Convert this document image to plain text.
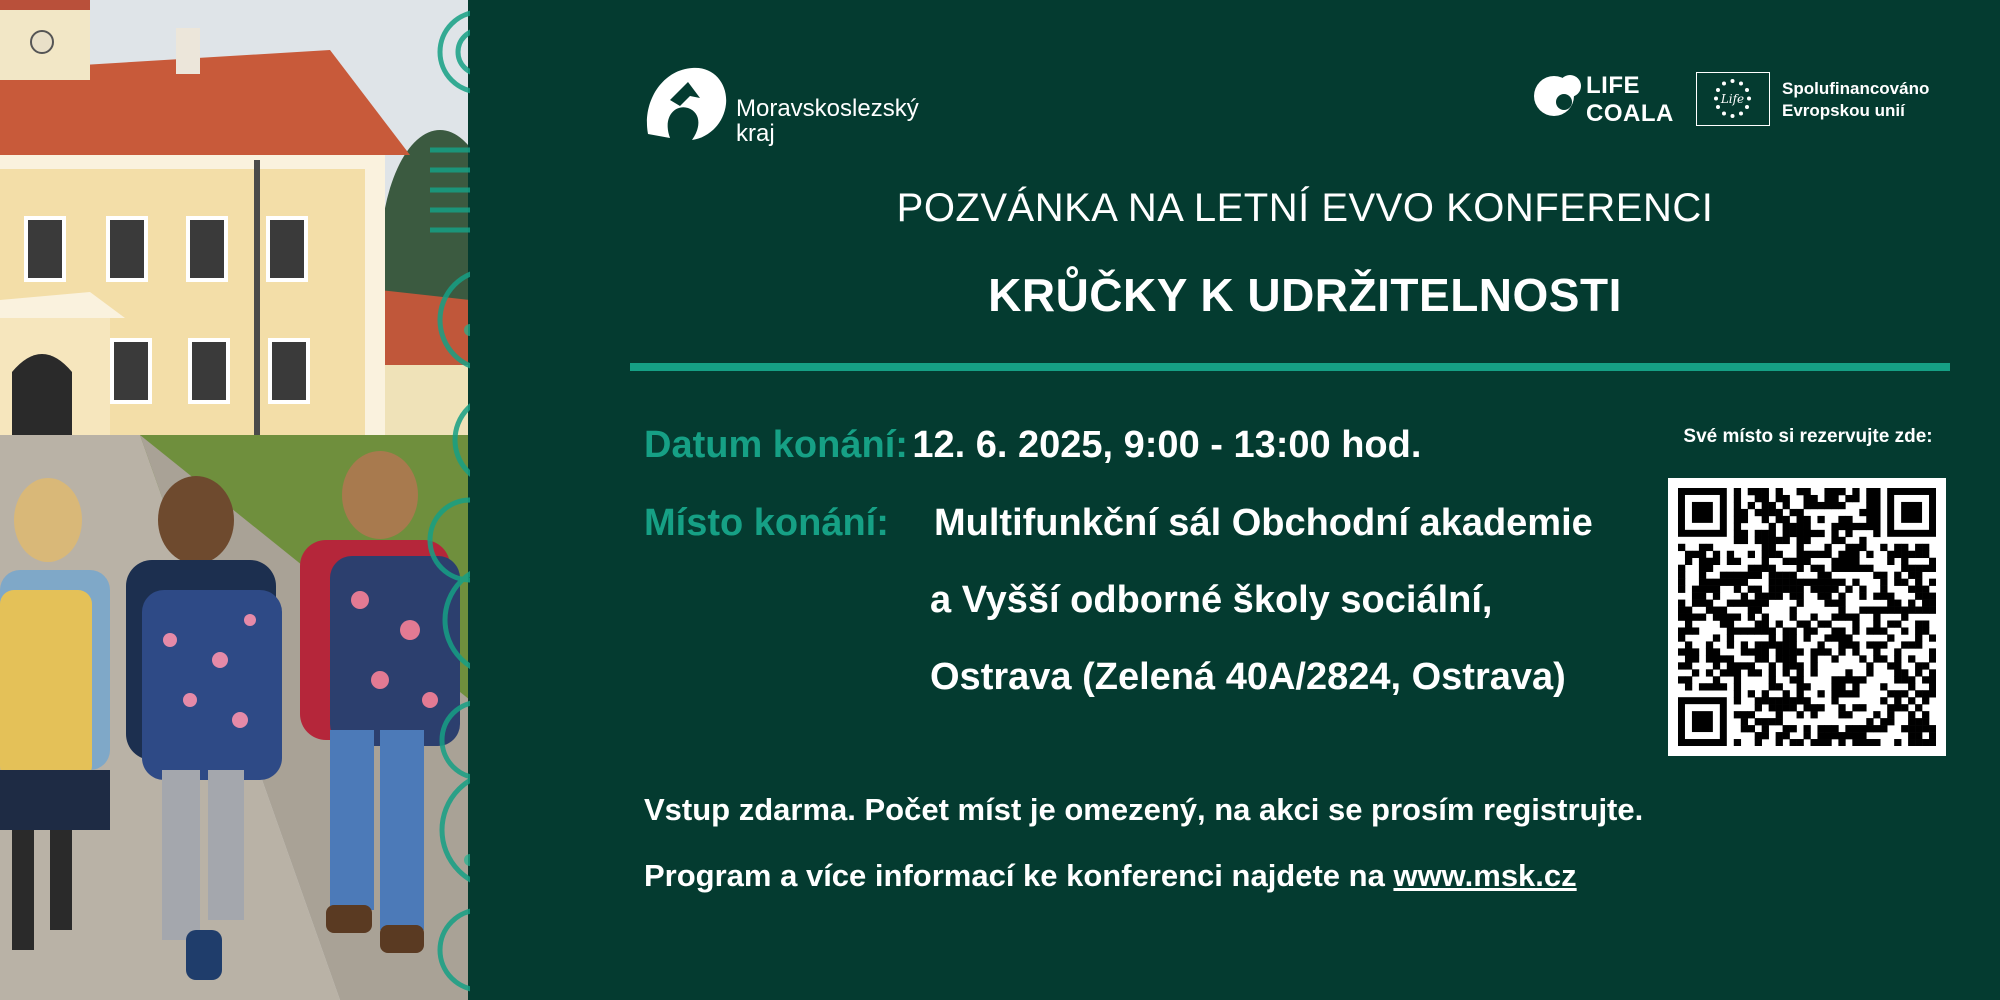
Moravskoslezský
kraj
LIFE
COALA
Life
Spolufinancováno
Evropskou unií
POZVÁNKA NA LETNÍ EVVO KONFERENCI
KRŮČKY K UDRŽITELNOSTI
Datum konání: 12. 6. 2025, 9:00 - 13:00 hod.
Místo konání: Multifunkční sál Obchodní akademie
a Vyšší odborné školy sociální,
Ostrava (Zelená 40A/2824, Ostrava)
Své místo si rezervujte zde:
Vstup zdarma. Počet míst je omezený, na akci se prosím registrujte.
Program a více informací ke konferenci najdete na www.msk.cz
